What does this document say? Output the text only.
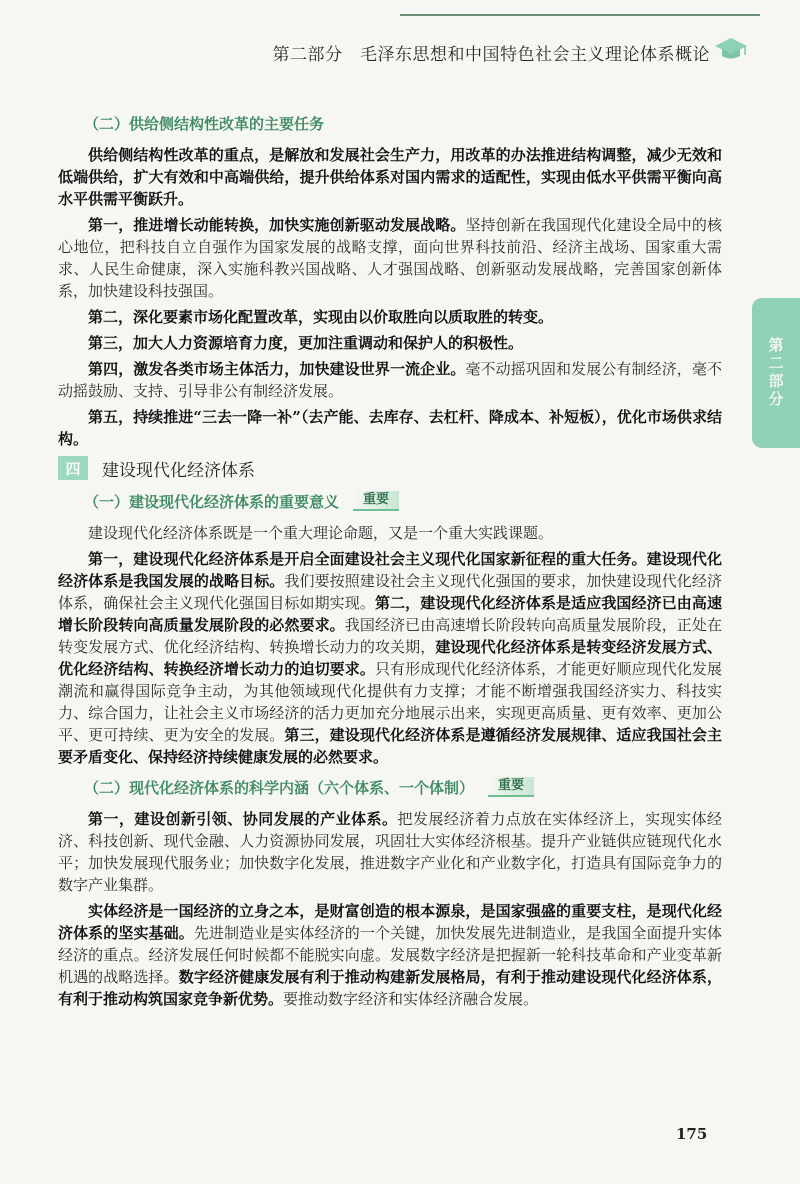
第二部分　毛泽东思想和中国特色社会主义理论体系概论
第二部分
（二）供给侧结构性改革的主要任务

供给侧结构性改革的重点，是解放和发展社会生产力，用改革的办法推进结构调整，减少无效和低端供给，扩大有效和中高端供给，提升供给体系对国内需求的适配性，实现由低水平供需平衡向高水平供需平衡跃升。

第一，推进增长动能转换，加快实施创新驱动发展战略。坚持创新在我国现代化建设全局中的核心地位，把科技自立自强作为国家发展的战略支撑，面向世界科技前沿、经济主战场、国家重大需求、人民生命健康，深入实施科教兴国战略、人才强国战略、创新驱动发展战略，完善国家创新体系，加快建设科技强国。

第二，深化要素市场化配置改革，实现由以价取胜向以质取胜的转变。

第三，加大人力资源培育力度，更加注重调动和保护人的积极性。

第四，激发各类市场主体活力，加快建设世界一流企业。毫不动摇巩固和发展公有制经济，毫不动摇鼓励、支持、引导非公有制经济发展。

第五，持续推进“三去一降一补”（去产能、去库存、去杠杆、降成本、补短板），优化市场供求结构。

四	建设现代化经济体系
（一）建设现代化经济体系的重要意义	重要

建设现代化经济体系既是一个重大理论命题，又是一个重大实践课题。

第一，建设现代化经济体系是开启全面建设社会主义现代化国家新征程的重大任务。建设现代化经济体系是我国发展的战略目标。我们要按照建设社会主义现代化强国的要求，加快建设现代化经济体系，确保社会主义现代化强国目标如期实现。第二，建设现代化经济体系是适应我国经济已由高速增长阶段转向高质量发展阶段的必然要求。我国经济已由高速增长阶段转向高质量发展阶段，正处在转变发展方式、优化经济结构、转换增长动力的攻关期，建设现代化经济体系是转变经济发展方式、优化经济结构、转换经济增长动力的迫切要求。只有形成现代化经济体系，才能更好顺应现代化发展潮流和赢得国际竞争主动，为其他领域现代化提供有力支撑；才能不断增强我国经济实力、科技实力、综合国力，让社会主义市场经济的活力更加充分地展示出来，实现更高质量、更有效率、更加公平、更可持续、更为安全的发展。第三，建设现代化经济体系是遵循经济发展规律、适应我国社会主要矛盾变化、保持经济持续健康发展的必然要求。

（二）现代化经济体系的科学内涵（六个体系、一个体制）	重要

第一，建设创新引领、协同发展的产业体系。把发展经济着力点放在实体经济上，实现实体经济、科技创新、现代金融、人力资源协同发展，巩固壮大实体经济根基。提升产业链供应链现代化水平；加快发展现代服务业；加快数字化发展，推进数字产业化和产业数字化，打造具有国际竞争力的数字产业集群。

实体经济是一国经济的立身之本，是财富创造的根本源泉，是国家强盛的重要支柱，是现代化经济体系的坚实基础。先进制造业是实体经济的一个关键，加快发展先进制造业，是我国全面提升实体经济的重点。经济发展任何时候都不能脱实向虚。发展数字经济是把握新一轮科技革命和产业变革新机遇的战略选择。数字经济健康发展有利于推动构建新发展格局，有利于推动建设现代化经济体系，有利于推动构筑国家竞争新优势。要推动数字经济和实体经济融合发展。

175
